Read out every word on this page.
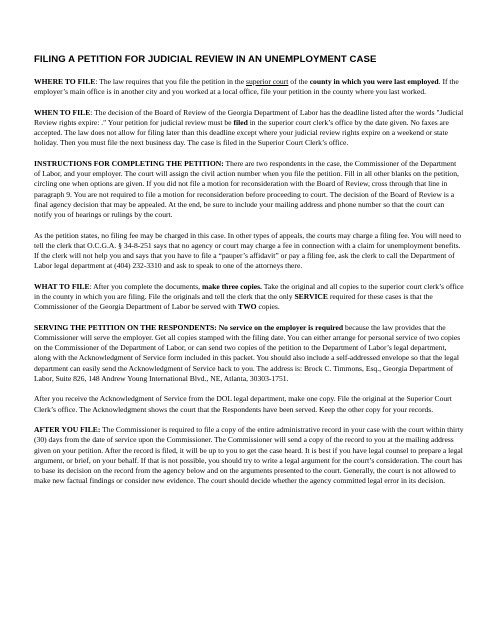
FILING A PETITION FOR JUDICIAL REVIEW IN AN UNEMPLOYMENT CASE

WHERE TO FILE: The law requires that you file the petition in the superior court of the county in which you were last employed. If the employer’s main office is in another city and you worked at a local office, file your petition in the county where you last worked.

WHEN TO FILE: The decision of the Board of Review of the Georgia Department of Labor has the deadline listed after the words "Judicial Review rights expire: ." Your petition for judicial review must be filed in the superior court clerk’s office by the date given. No faxes are accepted. The law does not allow for filing later than this deadline except where your judicial review rights expire on a weekend or state holiday. Then you must file the next business day. The case is filed in the Superior Court Clerk’s office.

INSTRUCTIONS FOR COMPLETING THE PETITION: There are two respondents in the case, the Commissioner of the Department of Labor, and your employer. The court will assign the civil action number when you file the petition. Fill in all other blanks on the petition, circling one when options are given. If you did not file a motion for reconsideration with the Board of Review, cross through that line in paragraph 9. You are not required to file a motion for reconsideration before proceeding to court. The decision of the Board of Review is a final agency decision that may be appealed. At the end, be sure to include your mailing address and phone number so that the court can notify you of hearings or rulings by the court.

As the petition states, no filing fee may be charged in this case. In other types of appeals, the courts may charge a filing fee. You will need to tell the clerk that O.C.G.A. § 34-8-251 says that no agency or court may charge a fee in connection with a claim for unemployment benefits. If the clerk will not help you and says that you have to file a “pauper’s affidavit” or pay a filing fee, ask the clerk to call the Department of Labor legal department at (404) 232-3310 and ask to speak to one of the attorneys there.

WHAT TO FILE: After you complete the documents, make three copies. Take the original and all copies to the superior court clerk’s office in the county in which you are filing. File the originals and tell the clerk that the only SERVICE required for these cases is that the Commissioner of the Georgia Department of Labor be served with TWO copies.

SERVING THE PETITION ON THE RESPONDENTS: No service on the employer is required because the law provides that the Commissioner will serve the employer. Get all copies stamped with the filing date. You can either arrange for personal service of two copies on the Commissioner of the Department of Labor, or can send two copies of the petition to the Department of Labor’s legal department, along with the Acknowledgment of Service form included in this packet. You should also include a self-addressed envelope so that the legal department can easily send the Acknowledgment of Service back to you. The address is: Brock C. Timmons, Esq., Georgia Department of Labor, Suite 826, 148 Andrew Young International Blvd., NE, Atlanta, 30303-1751.

After you receive the Acknowledgment of Service from the DOL legal department, make one copy. File the original at the Superior Court Clerk’s office. The Acknowledgment shows the court that the Respondents have been served. Keep the other copy for your records.

AFTER YOU FILE: The Commissioner is required to file a copy of the entire administrative record in your case with the court within thirty (30) days from the date of service upon the Commissioner. The Commissioner will send a copy of the record to you at the mailing address given on your petition. After the record is filed, it will be up to you to get the case heard. It is best if you have legal counsel to prepare a legal argument, or brief, on your behalf. If that is not possible, you should try to write a legal argument for the court’s consideration. The court has to base its decision on the record from the agency below and on the arguments presented to the court. Generally, the court is not allowed to make new factual findings or consider new evidence. The court should decide whether the agency committed legal error in its decision.
